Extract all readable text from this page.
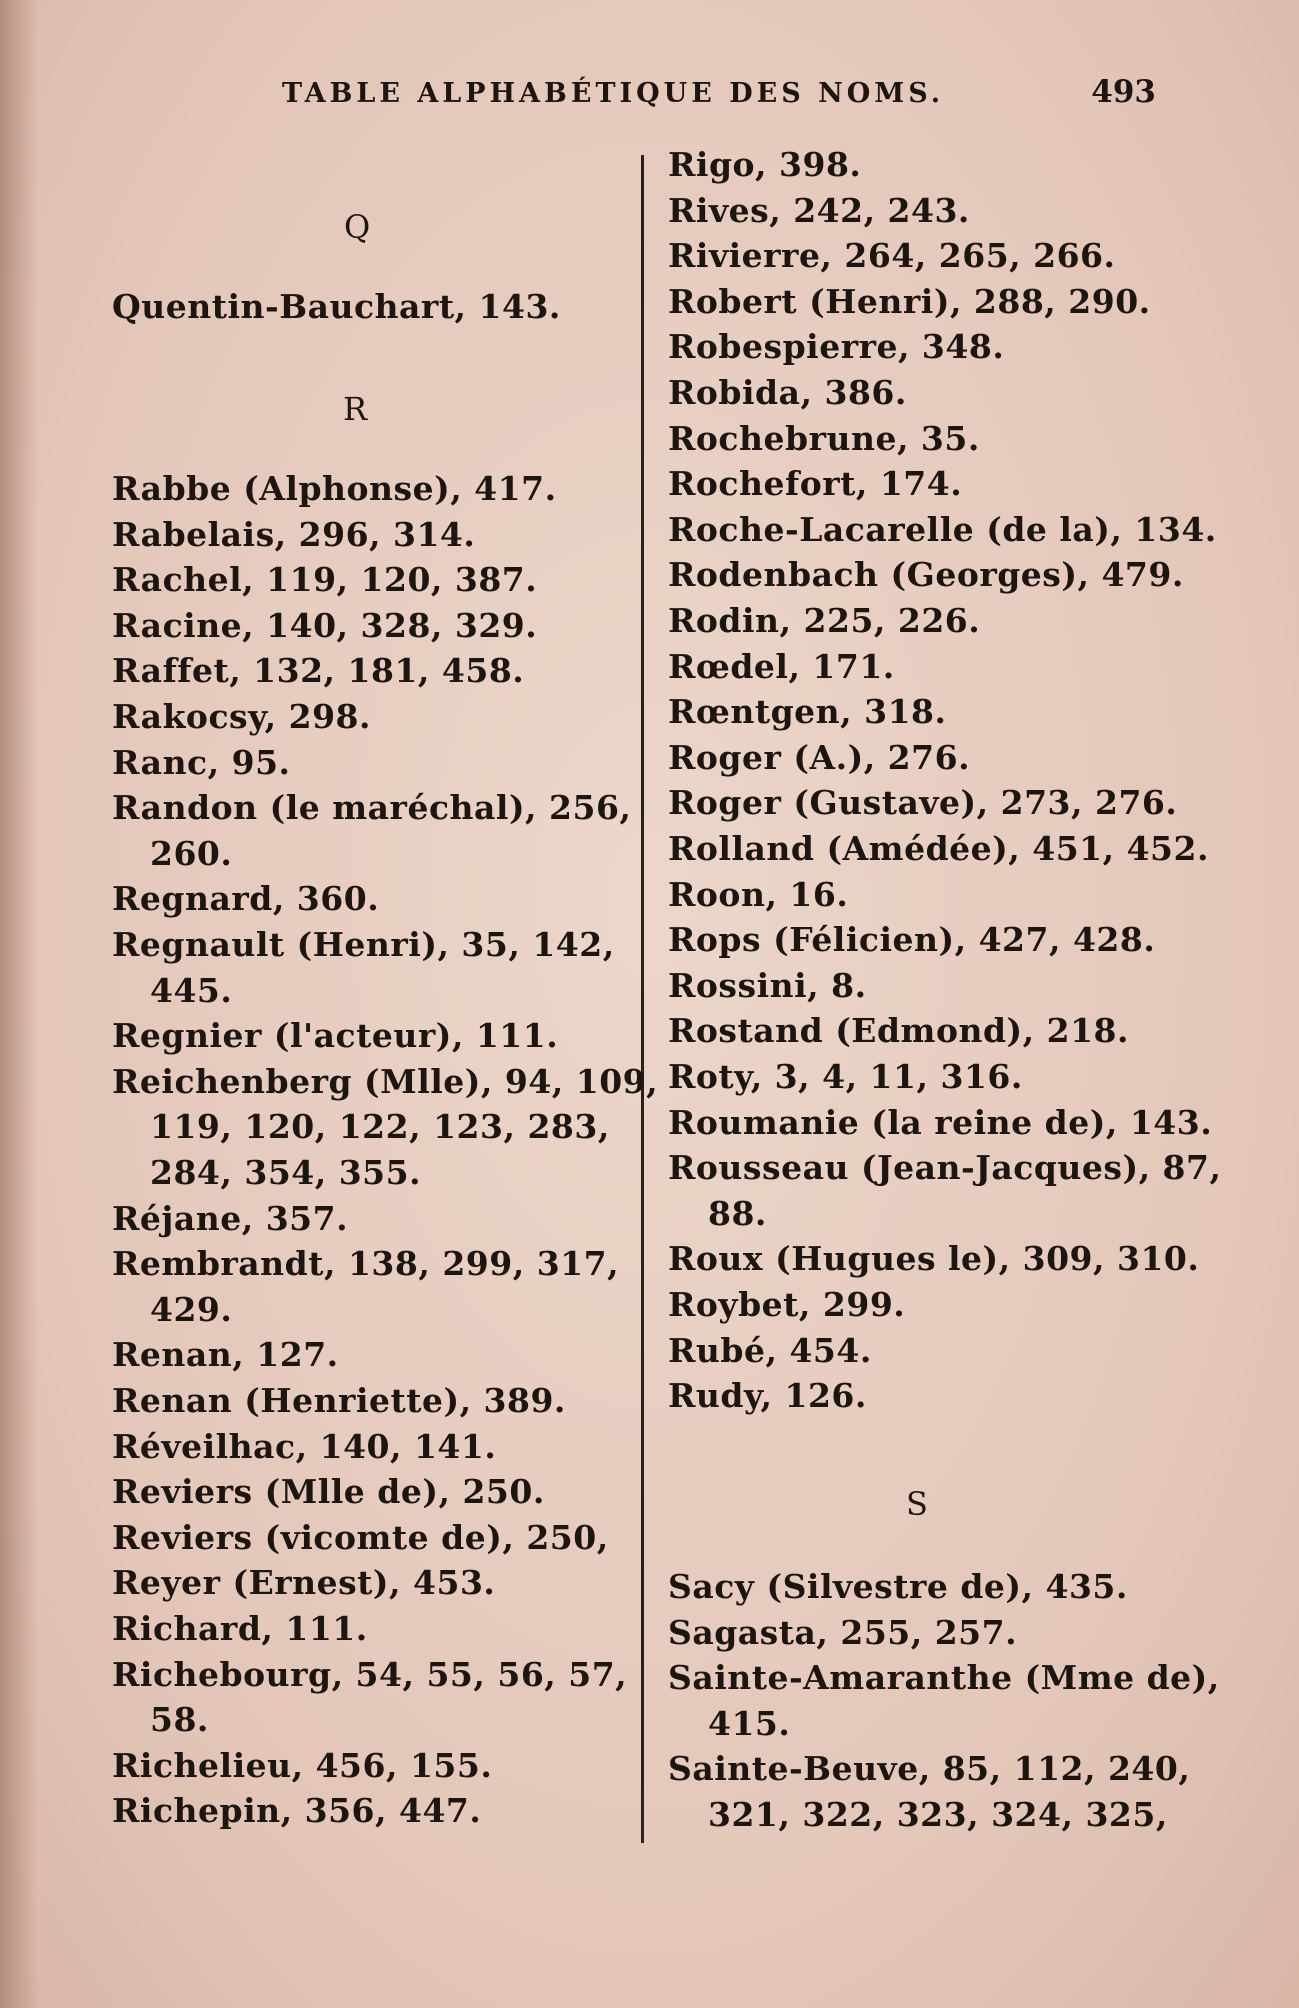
TABLE ALPHABÉTIQUE DES NOMS.	493
Q
Quentin-Bauchart, 143.
R
Rabbe (Alphonse), 417.
Rabelais, 296, 314.
Rachel, 119, 120, 387.
Racine, 140, 328, 329.
Raffet, 132, 181, 458.
Rakocsy, 298.
Ranc, 95.
Randon (le maréchal), 256,
260.
Regnard, 360.
Regnault (Henri), 35, 142,
445.
Regnier (l'acteur), 111.
Reichenberg (Mlle), 94, 109,
119, 120, 122, 123, 283,
284, 354, 355.
Réjane, 357.
Rembrandt, 138, 299, 317,
429.
Renan, 127.
Renan (Henriette), 389.
Réveilhac, 140, 141.
Reviers (Mlle de), 250.
Reviers (vicomte de), 250,
Reyer (Ernest), 453.
Richard, 111.
Richebourg, 54, 55, 56, 57,
58.
Richelieu, 456, 155.
Richepin, 356, 447.
Rigo, 398.
Rives, 242, 243.
Rivierre, 264, 265, 266.
Robert (Henri), 288, 290.
Robespierre, 348.
Robida, 386.
Rochebrune, 35.
Rochefort, 174.
Roche-Lacarelle (de la), 134.
Rodenbach (Georges), 479.
Rodin, 225, 226.
Rœdel, 171.
Rœntgen, 318.
Roger (A.), 276.
Roger (Gustave), 273, 276.
Rolland (Amédée), 451, 452.
Roon, 16.
Rops (Félicien), 427, 428.
Rossini, 8.
Rostand (Edmond), 218.
Roty, 3, 4, 11, 316.
Roumanie (la reine de), 143.
Rousseau (Jean-Jacques), 87,
88.
Roux (Hugues le), 309, 310.
Roybet, 299.
Rubé, 454.
Rudy, 126.
S
Sacy (Silvestre de), 435.
Sagasta, 255, 257.
Sainte-Amaranthe (Mme de),
415.
Sainte-Beuve, 85, 112, 240,
321, 322, 323, 324, 325,
